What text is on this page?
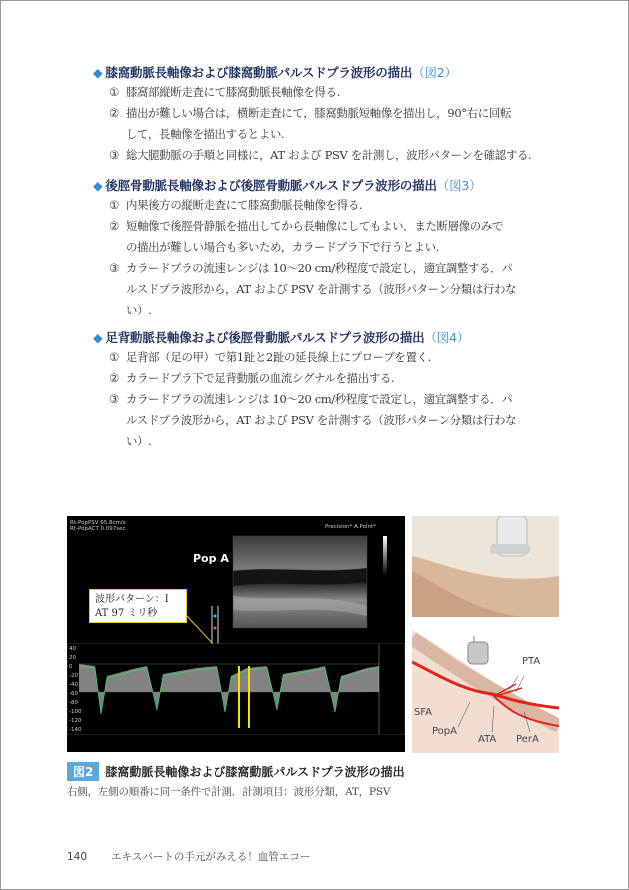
◆ 膝窩動脈長軸像および膝窩動脈パルスドプラ波形の描出（図2）
① 膝窩部縦断走査にて膝窩動脈長軸像を得る.
② 描出が難しい場合は，横断走査にて，膝窩動脈短軸像を描出し，90°右に回転
して，長軸像を描出するとよい.
③ 総大腿動脈の手順と同様に，AT および PSV を計測し，波形パターンを確認する.
◆ 後脛骨動脈長軸像および後脛骨動脈パルスドプラ波形の描出（図3）
① 内果後方の縦断走査にて膝窩動脈長軸像を得る.
② 短軸像で後脛骨静脈を描出してから長軸像にしてもよい．また断層像のみで
の描出が難しい場合も多いため，カラードプラ下で行うとよい.
③ カラードプラの流速レンジは 10〜20 cm/秒程度で設定し，適宜調整する．パ
ルスドプラ波形から，AT および PSV を計測する（波形パターン分類は行わな
い）.
◆ 足背動脈長軸像および後脛骨動脈パルスドプラ波形の描出（図4）
① 足背部（足の甲）で第1趾と2趾の延長線上にプローブを置く.
② カラードプラ下で足背動脈の血流シグナルを描出する.
③ カラードプラの流速レンジは 10〜20 cm/秒程度で設定し，適宜調整する．パ
ルスドプラ波形から，AT および PSV を計測する（波形パターン分類は行わな
い）.
Rt-PopPSV 65.8cm/s
Rt-PopACT 0.097sec	Precision* A.Point*
Pop A
波形パターン：I
AT 97 ミリ秒
40
20
0
-20
-40
-60
-80
-100
-120
-140
PTA
SFA
PopA
ATA PerA
図2 膝窩動脈長軸像および膝窩動脈パルスドプラ波形の描出
右側，左側の順番に同一条件で計測．計測項目：波形分類，AT，PSV
140 エキスパートの手元がみえる！血管エコー
